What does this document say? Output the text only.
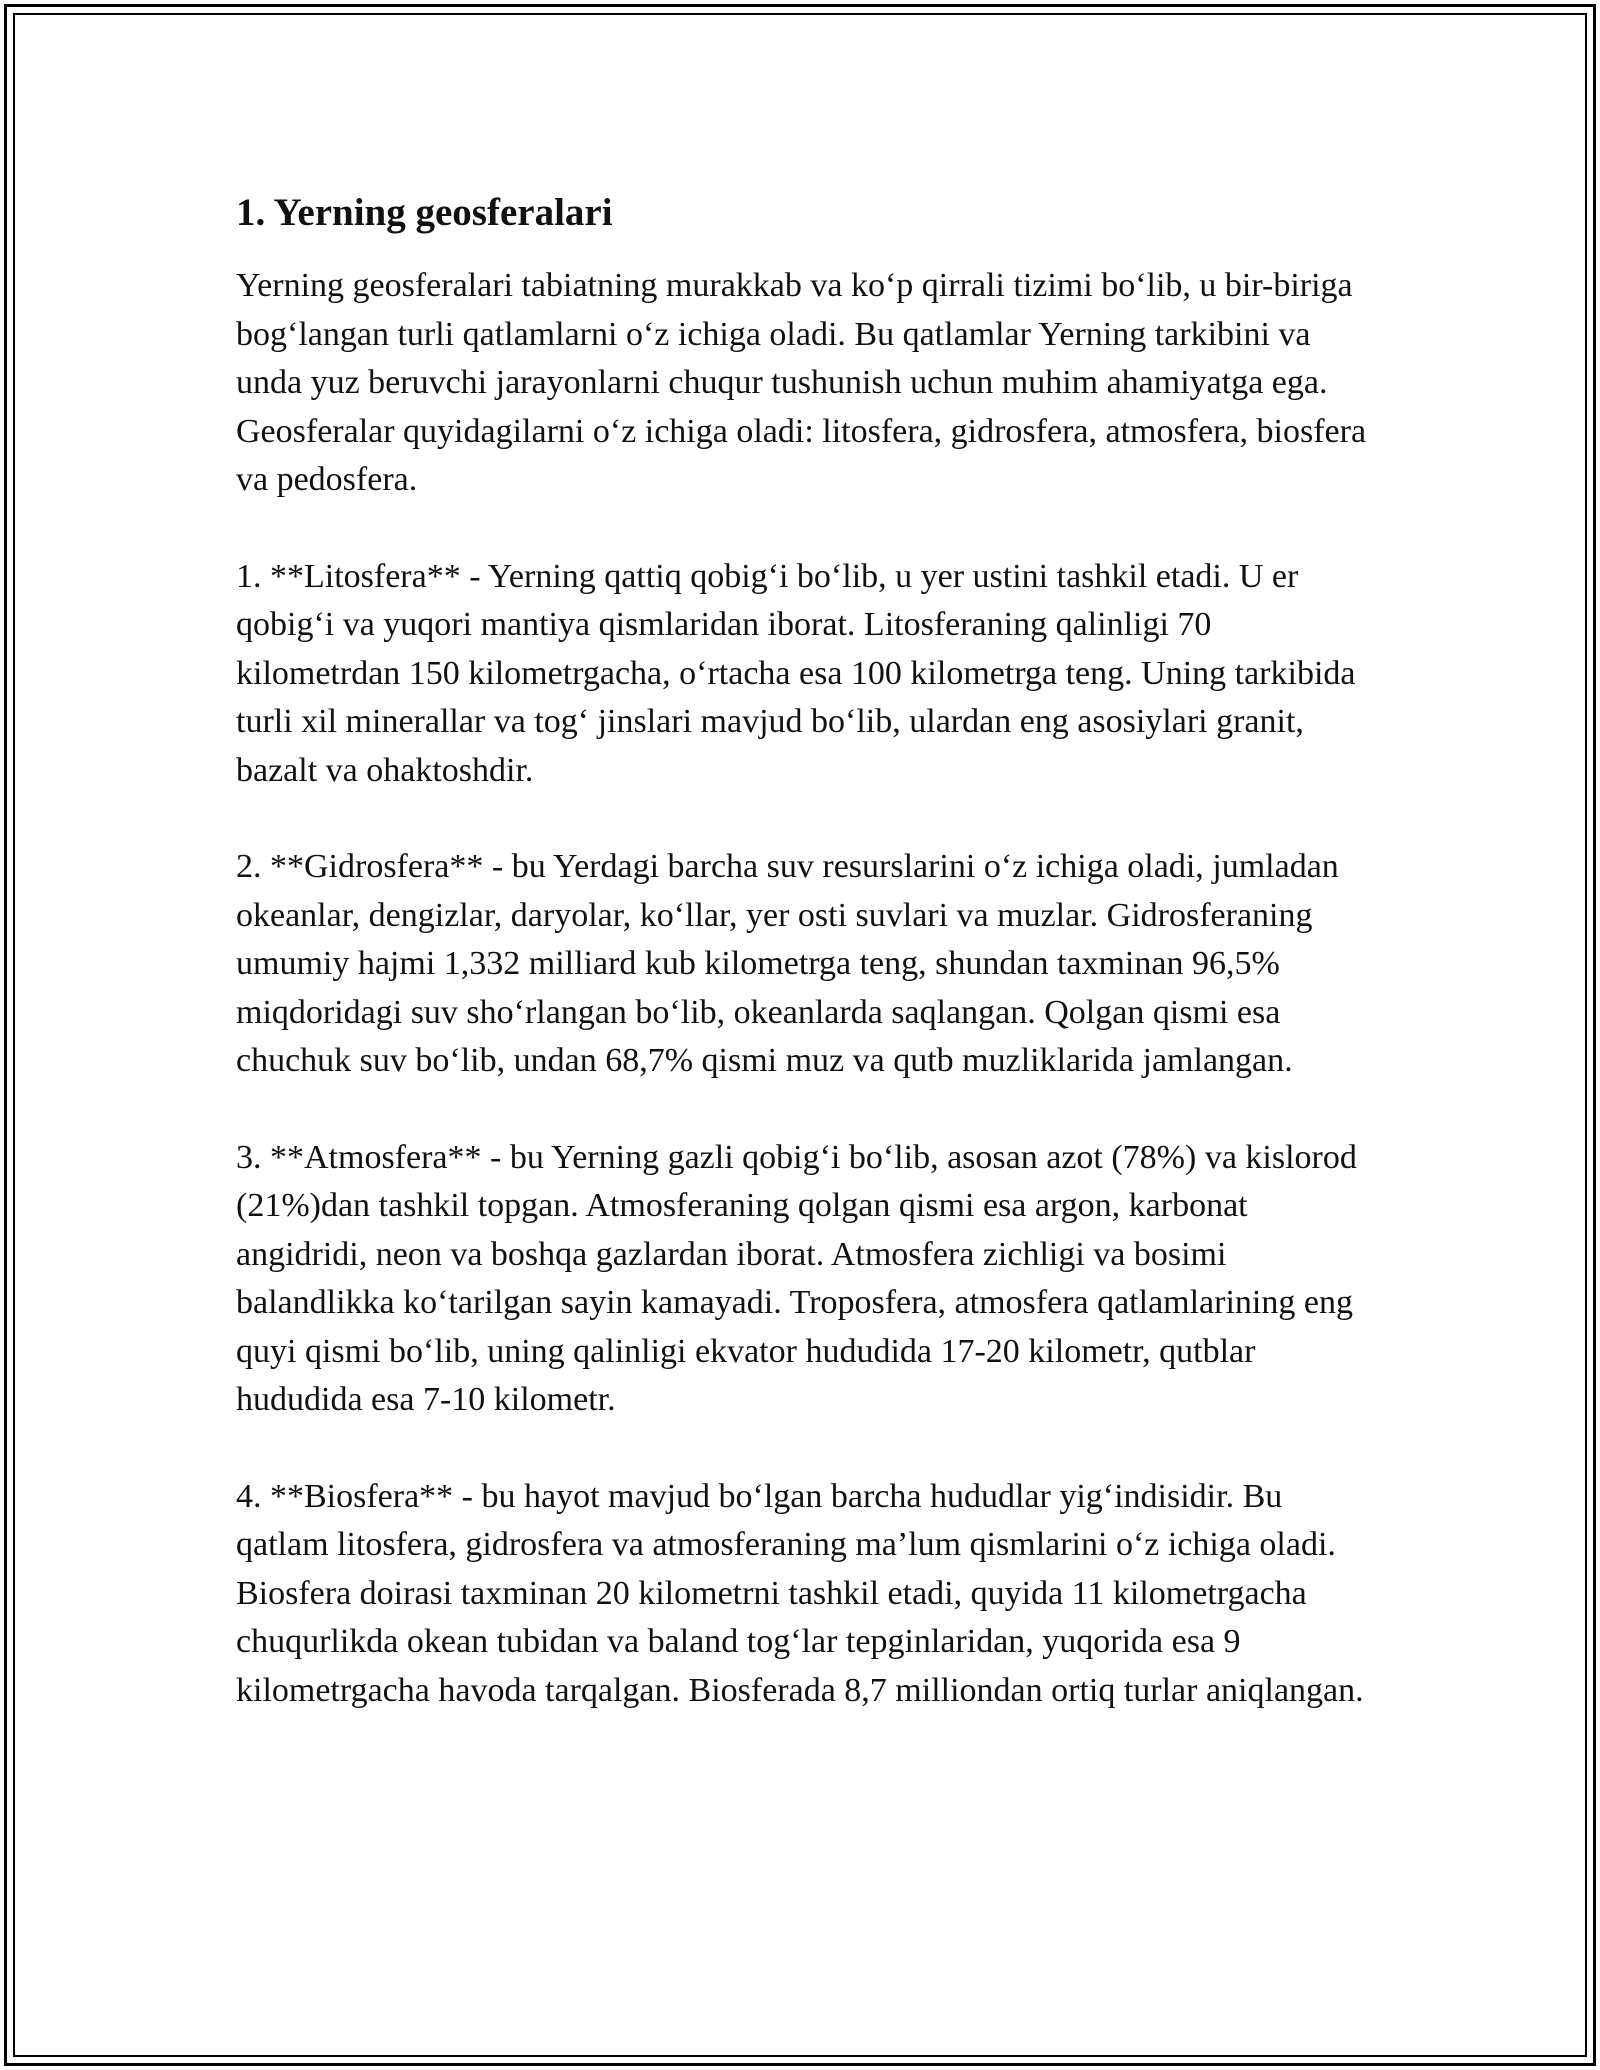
1. Yerning geosferalari

Yerning geosferalari tabiatning murakkab va ko‘p qirrali tizimi bo‘lib, u bir-biriga bog‘langan turli qatlamlarni o‘z ichiga oladi. Bu qatlamlar Yerning tarkibini va unda yuz beruvchi jarayonlarni chuqur tushunish uchun muhim ahamiyatga ega. Geosferalar quyidagilarni o‘z ichiga oladi: litosfera, gidrosfera, atmosfera, biosfera va pedosfera.

1. **Litosfera** - Yerning qattiq qobig‘i bo‘lib, u yer ustini tashkil etadi. U er qobig‘i va yuqori mantiya qismlaridan iborat. Litosferaning qalinligi 70 kilometrdan 150 kilometrgacha, o‘rtacha esa 100 kilometrga teng. Uning tarkibida turli xil minerallar va tog‘ jinslari mavjud bo‘lib, ulardan eng asosiylari granit, bazalt va ohaktoshdir.

2. **Gidrosfera** - bu Yerdagi barcha suv resurslarini o‘z ichiga oladi, jumladan okeanlar, dengizlar, daryolar, ko‘llar, yer osti suvlari va muzlar. Gidrosferaning umumiy hajmi 1,332 milliard kub kilometrga teng, shundan taxminan 96,5% miqdoridagi suv sho‘rlangan bo‘lib, okeanlarda saqlangan. Qolgan qismi esa chuchuk suv bo‘lib, undan 68,7% qismi muz va qutb muzliklarida jamlangan.

3. **Atmosfera** - bu Yerning gazli qobig‘i bo‘lib, asosan azot (78%) va kislorod (21%)dan tashkil topgan. Atmosferaning qolgan qismi esa argon, karbonat angidridi, neon va boshqa gazlardan iborat. Atmosfera zichligi va bosimi balandlikka ko‘tarilgan sayin kamayadi. Troposfera, atmosfera qatlamlarining eng quyi qismi bo‘lib, uning qalinligi ekvator hududida 17-20 kilometr, qutblar hududida esa 7-10 kilometr.

4. **Biosfera** - bu hayot mavjud bo‘lgan barcha hududlar yig‘indisidir. Bu qatlam litosfera, gidrosfera va atmosferaning ma’lum qismlarini o‘z ichiga oladi. Biosfera doirasi taxminan 20 kilometrni tashkil etadi, quyida 11 kilometrgacha chuqurlikda okean tubidan va baland tog‘lar tepginlaridan, yuqorida esa 9 kilometrgacha havoda tarqalgan. Biosferada 8,7 milliondan ortiq turlar aniqlangan.
